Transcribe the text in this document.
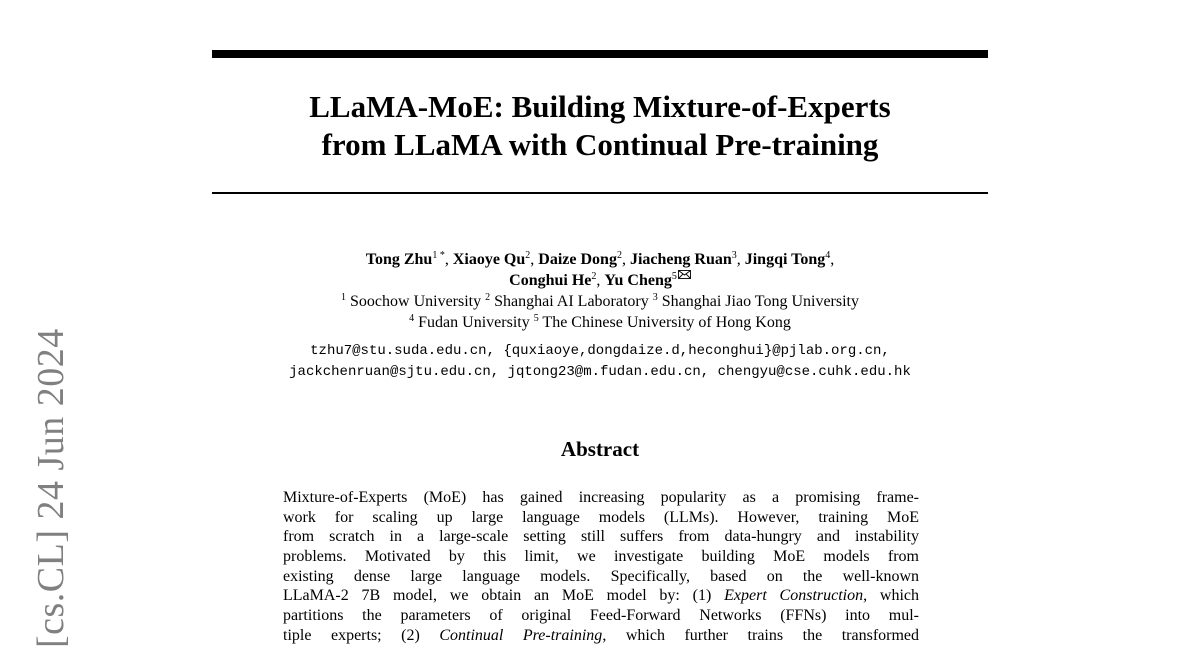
LLaMA-MoE: Building Mixture-of-Experts
from LLaMA with Continual Pre-training
Tong Zhu$^{1 *}$, Xiaoye Qu$^2$, Daize Dong$^2$, Jiacheng Ruan$^3$, Jingqi Tong$^4$,
Conghui He$^2$, Yu Cheng$^5$
$^1$ Soochow University $^2$ Shanghai AI Laboratory $^3$ Shanghai Jiao Tong University
$^4$ Fudan University $^5$ The Chinese University of Hong Kong
tzhu7@stu.suda.edu.cn, {quxiaoye,dongdaize.d,heconghui}@pjlab.org.cn,
jackchenruan@sjtu.edu.cn, jqtong23@m.fudan.edu.cn, chengyu@cse.cuhk.edu.hk
Abstract
Mixture-of-Experts (MoE) has gained increasing popularity as a promising frame-
work for scaling up large language models (LLMs). However, training MoE
from scratch in a large-scale setting still suffers from data-hungry and instability
problems. Motivated by this limit, we investigate building MoE models from
existing dense large language models. Specifically, based on the well-known
LLaMA-2 7B model, we obtain an MoE model by: (1) Expert Construction, which
partitions the parameters of original Feed-Forward Networks (FFNs) into mul-
tiple experts; (2) Continual Pre-training, which further trains the transformed
[cs.CL] 24 Jun 2024
